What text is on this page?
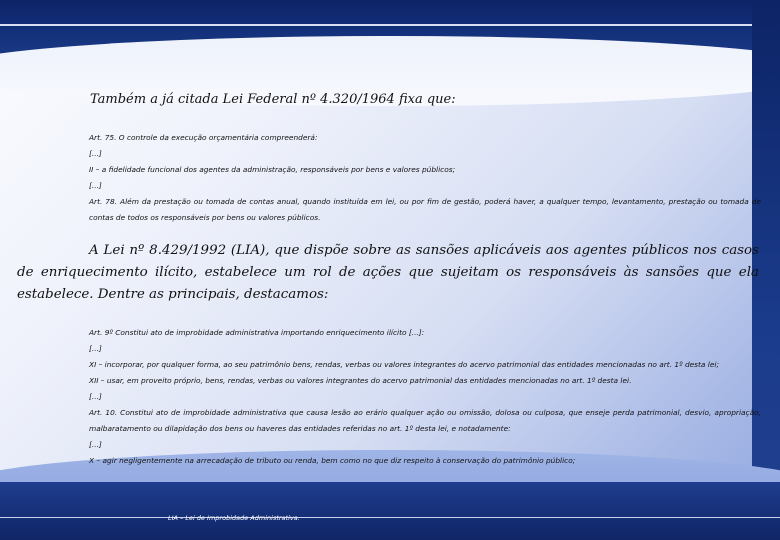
Também a já citada Lei Federal nº 4.320/1964 fixa que:

Art. 75. O controle da execução orçamentária compreenderá:

[...]

II – a fidelidade funcional dos agentes da administração, responsáveis por bens e valores públicos;

[...]

Art. 78. Além da prestação ou tomada de contas anual, quando instituída em lei, ou por fim de gestão, poderá haver, a qualquer tempo, levantamento, prestação ou tomada de contas de todos os responsáveis por bens ou valores públicos.

A Lei nº 8.429/1992 (LIA), que dispõe sobre as sansões aplicáveis aos agentes públicos nos casos de enriquecimento ilícito, estabelece um rol de ações que sujeitam os responsáveis às sansões que ela estabelece. Dentre as principais, destacamos:

Art. 9º Constitui ato de improbidade administrativa importando enriquecimento ilícito [...]:

[...]

XI – incorporar, por qualquer forma, ao seu patrimônio bens, rendas, verbas ou valores integrantes do acervo patrimonial das entidades mencionadas no art. 1º desta lei;

XII – usar, em proveito próprio, bens, rendas, verbas ou valores integrantes do acervo patrimonial das entidades mencionadas no art. 1º desta lei.

[...]

Art. 10. Constitui ato de improbidade administrativa que causa lesão ao erário qualquer ação ou omissão, dolosa ou culposa, que enseje perda patrimonial, desvio, apropriação, malbaratamento ou dilapidação dos bens ou haveres das entidades referidas no art. 1º desta lei, e notadamente:

[...]

X – agir negligentemente na arrecadação de tributo ou renda, bem como no que diz respeito à conservação do patrimônio público;

LIA – Lei de Improbidade Administrativa.
